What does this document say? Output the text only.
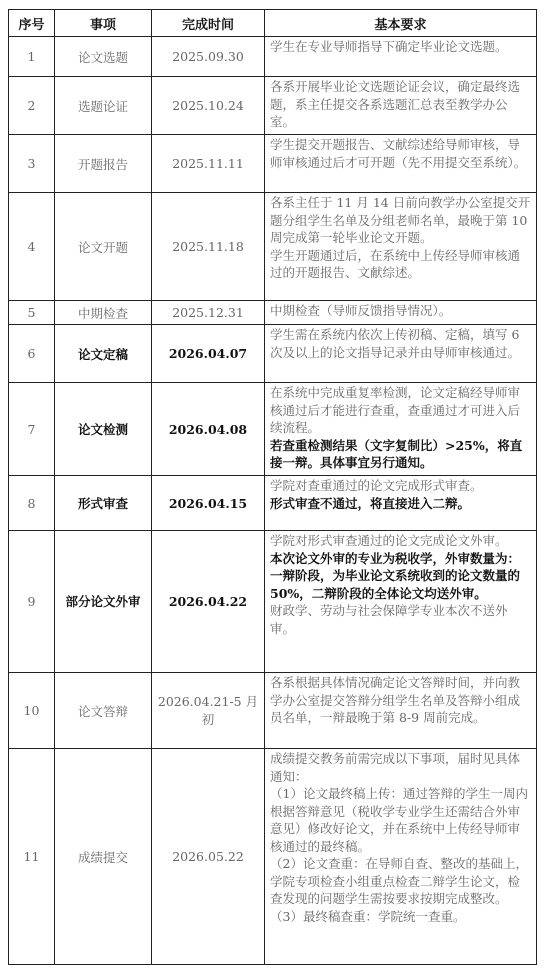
序号	事项	完成时间	基本要求
1	论文选题	2025.09.30	学生在专业导师指导下确定毕业论文选题。

2	选题论证	2025.10.24	各系开展毕业论文选题论证会议，确定最终选题，系主任提交各系选题汇总表至教学办公室。

3	开题报告	2025.11.11	学生提交开题报告、文献综述给导师审核，导师审核通过后才可开题（先不用提交至系统）。

4	论文开题	2025.11.18	各系主任于 11 月 14 日前向教学办公室提交开题分组学生名单及分组老师名单，最晚于第 10 周完成第一轮毕业论文开题。

学生开题通过后，在系统中上传经导师审核通过的开题报告、文献综述。

5	中期检查	2025.12.31	中期检查（导师反馈指导情况）。

6	论文定稿	2026.04.07	学生需在系统内依次上传初稿、定稿，填写 6 次及以上的论文指导记录并由导师审核通过。

7	论文检测	2026.04.08	在系统中完成重复率检测，论文定稿经导师审核通过后才能进行查重，查重通过才可进入后续流程。

若查重检测结果（文字复制比）>25%，将直接一辩。具体事宜另行通知。

8	形式审查	2026.04.15	学院对查重通过的论文完成形式审查。

形式审查不通过，将直接进入二辩。

9	部分论文外审	2026.04.22	学院对形式审查通过的论文完成论文外审。

本次论文外审的专业为税收学，外审数量为：一辩阶段，为毕业论文系统收到的论文数量的 50%，二辩阶段的全体论文均送外审。

财政学、劳动与社会保障学专业本次不送外审。

10	论文答辩	2026.04.21-5 月初	各系根据具体情况确定论文答辩时间，并向教学办公室提交答辩分组学生名单及答辩小组成员名单，一辩最晚于第 8-9 周前完成。

11	成绩提交	2026.05.22	成绩提交教务前需完成以下事项，届时见具体通知：

（1）论文最终稿上传：通过答辩的学生一周内根据答辩意见（税收学专业学生还需结合外审意见）修改好论文，并在系统中上传经导师审核通过的最终稿。

（2）论文查重：在导师自查、整改的基础上，学院专项检查小组重点检查二辩学生论文，检查发现的问题学生需按要求按期完成整改。

（3）最终稿查重：学院统一查重。
